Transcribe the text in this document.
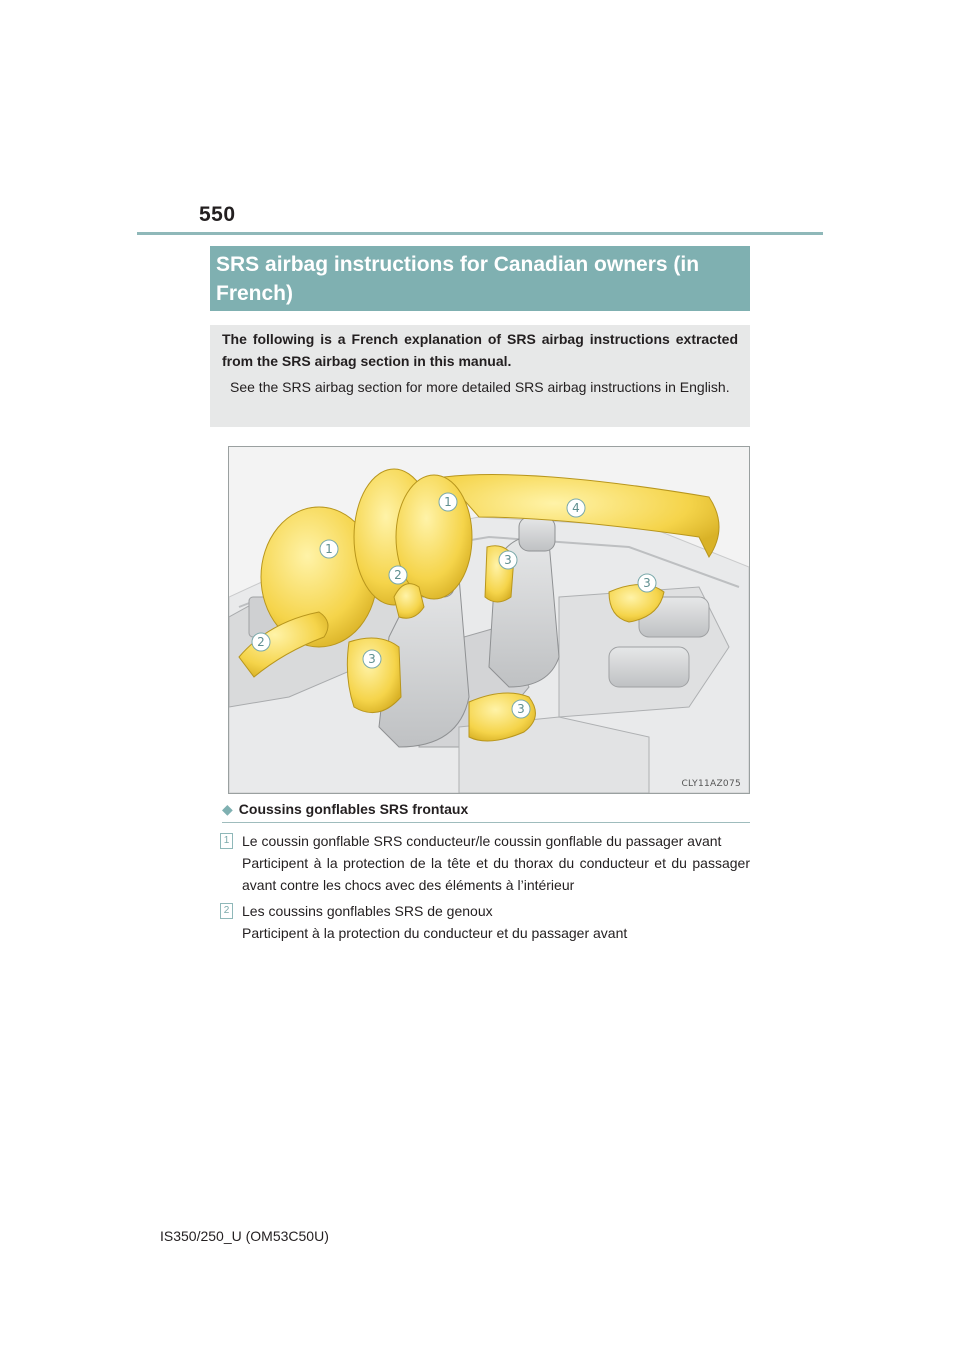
550
SRS airbag instructions for Canadian owners (in French)
The following is a French explanation of SRS airbag instructions extracted from the SRS airbag section in this manual.
See the SRS airbag section for more detailed SRS airbag instructions in English.
1
1
2
2
3
3
3
3
4
CLY11AZ075
◆ Coussins gonflables SRS frontaux
1 Le coussin gonflable SRS conducteur/le coussin gonflable du passager avant
Participent à la protection de la tête et du thorax du conducteur et du passager avant contre les chocs avec des éléments à l’intérieur
2 Les coussins gonflables SRS de genoux
Participent à la protection du conducteur et du passager avant
IS350/250_U (OM53C50U)
